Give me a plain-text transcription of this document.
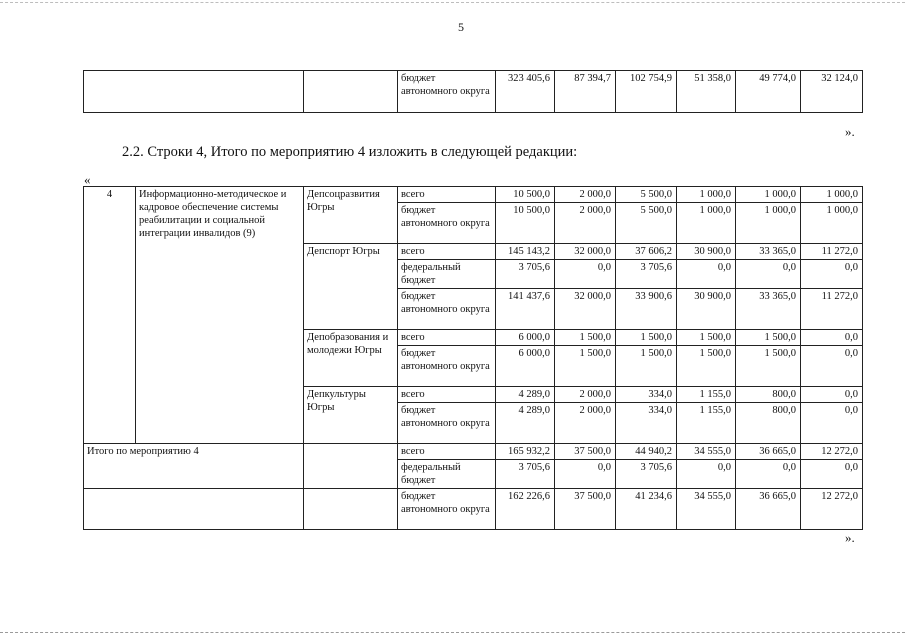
5
		бюджет автономного округа	323 405,6	87 394,7	102 754,9	51 358,0	49 774,0	32 124,0
».
2.2. Строки 4, Итого по мероприятию 4 изложить в следующей редакции:
«
4	Информационно-методическое и кадровое обеспечение системы реабилитации и социальной интеграции инвалидов (9)	Депсоцразвития Югры	всего	10 500,0	2 000,0	5 500,0	1 000,0	1 000,0	1 000,0
			бюджет автономного округа	10 500,0	2 000,0	5 500,0	1 000,0	1 000,0	1 000,0
		Депспорт Югры	всего	145 143,2	32 000,0	37 606,2	30 900,0	33 365,0	11 272,0
			федеральный бюджет	3 705,6	0,0	3 705,6	0,0	0,0	0,0
			бюджет автономного округа	141 437,6	32 000,0	33 900,6	30 900,0	33 365,0	11 272,0
		Депобразования и молодежи Югры	всего	6 000,0	1 500,0	1 500,0	1 500,0	1 500,0	0,0
			бюджет автономного округа	6 000,0	1 500,0	1 500,0	1 500,0	1 500,0	0,0
		Депкультуры Югры	всего	4 289,0	2 000,0	334,0	1 155,0	800,0	0,0
			бюджет автономного округа	4 289,0	2 000,0	334,0	1 155,0	800,0	0,0
Итого по мероприятию 4			всего	165 932,2	37 500,0	44 940,2	34 555,0	36 665,0	12 272,0
			федеральный бюджет	3 705,6	0,0	3 705,6	0,0	0,0	0,0
			бюджет автономного округа	162 226,6	37 500,0	41 234,6	34 555,0	36 665,0	12 272,0
».
